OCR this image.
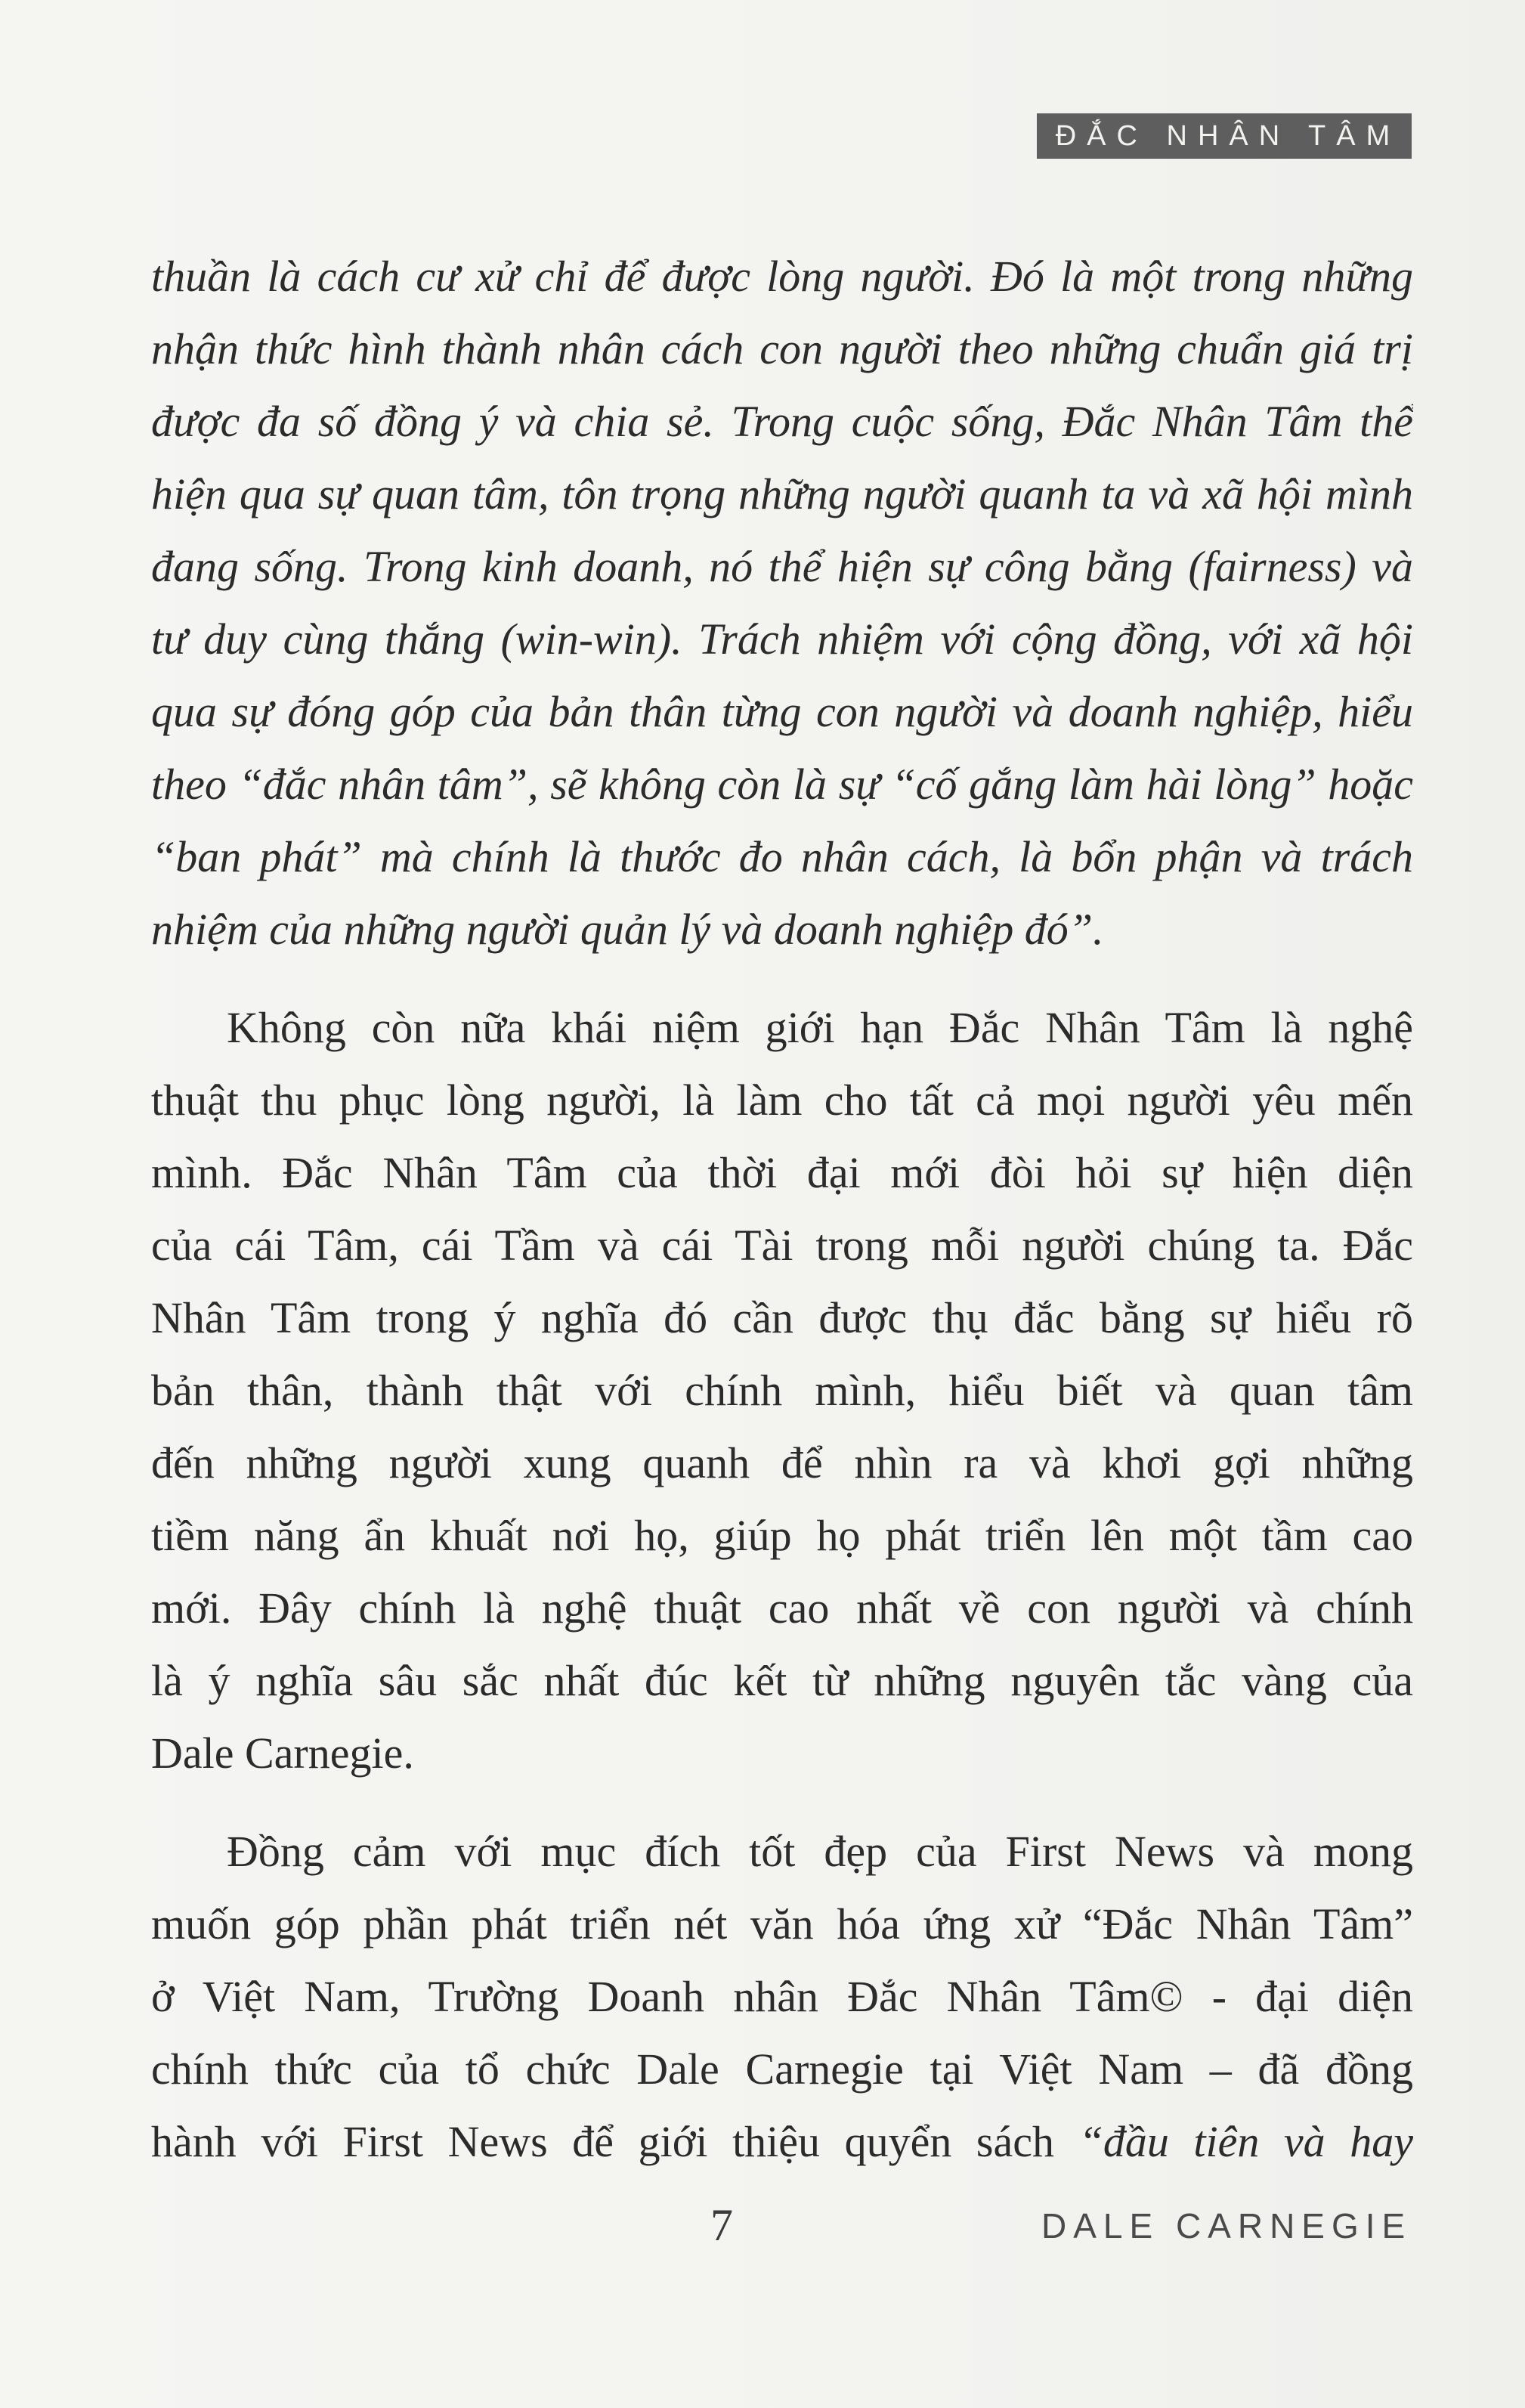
ĐẮC NHÂN TÂM
thuần là cách cư xử chỉ để được lòng người. Đó là một trong những
nhận thức hình thành nhân cách con người theo những chuẩn giá trị
được đa số đồng ý và chia sẻ. Trong cuộc sống, Đắc Nhân Tâm thể
hiện qua sự quan tâm, tôn trọng những người quanh ta và xã hội mình
đang sống. Trong kinh doanh, nó thể hiện sự công bằng (fairness) và
tư duy cùng thắng (win-win). Trách nhiệm với cộng đồng, với xã hội
qua sự đóng góp của bản thân từng con người và doanh nghiệp, hiểu
theo “đắc nhân tâm”, sẽ không còn là sự “cố gắng làm hài lòng” hoặc
“ban phát” mà chính là thước đo nhân cách, là bổn phận và trách
nhiệm của những người quản lý và doanh nghiệp đó”.
Không còn nữa khái niệm giới hạn Đắc Nhân Tâm là nghệ
thuật thu phục lòng người, là làm cho tất cả mọi người yêu mến
mình. Đắc Nhân Tâm của thời đại mới đòi hỏi sự hiện diện
của cái Tâm, cái Tầm và cái Tài trong mỗi người chúng ta. Đắc
Nhân Tâm trong ý nghĩa đó cần được thụ đắc bằng sự hiểu rõ
bản thân, thành thật với chính mình, hiểu biết và quan tâm
đến những người xung quanh để nhìn ra và khơi gợi những
tiềm năng ẩn khuất nơi họ, giúp họ phát triển lên một tầm cao
mới. Đây chính là nghệ thuật cao nhất về con người và chính
là ý nghĩa sâu sắc nhất đúc kết từ những nguyên tắc vàng của
Dale Carnegie.
Đồng cảm với mục đích tốt đẹp của First News và mong
muốn góp phần phát triển nét văn hóa ứng xử “Đắc Nhân Tâm”
ở Việt Nam, Trường Doanh nhân Đắc Nhân Tâm© - đại diện
chính thức của tổ chức Dale Carnegie tại Việt Nam – đã đồng
hành với First News để giới thiệu quyển sách “đầu tiên và hay
7	DALE CARNEGIE
